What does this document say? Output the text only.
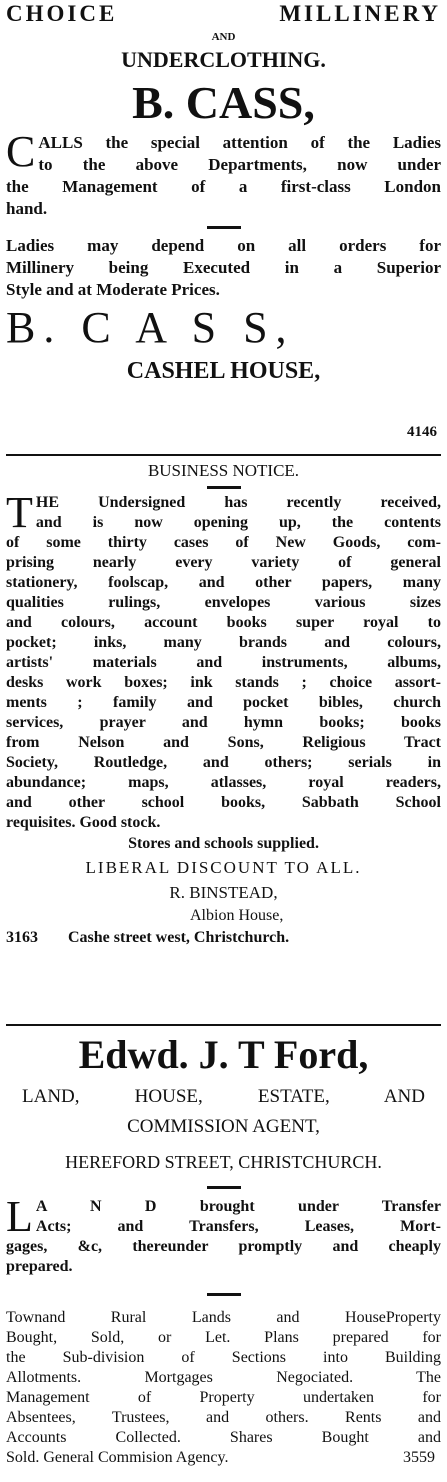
CHOICE MILLINERY

AND

UNDERCLOTHING.

B. CASS,

C ALLS the special attention of the Ladies

to the above Departments, now under

the Management of a first-class London

hand.

Ladies may depend on all orders for

Millinery being Executed in a Superior

Style and at Moderate Prices.

B. C A S S,

CASHEL HOUSE,

4146

BUSINESS NOTICE.

T HE Undersigned has recently received,

and is now opening up, the contents

of some thirty cases of New Goods, com-

prising nearly every variety of general

stationery, foolscap, and other papers, many

qualities rulings, envelopes various sizes

and colours, account books super royal to

pocket; inks, many brands and colours,

artists' materials and instruments, albums,

desks work boxes; ink stands ; choice assort-

ments ; family and pocket bibles, church

services, prayer and hymn books; books

from Nelson and Sons, Religious Tract

Society, Routledge, and others; serials in

abundance; maps, atlasses, royal readers,

and other school books, Sabbath School

requisites. Good stock.

Stores and schools supplied.

LIBERAL DISCOUNT TO ALL.

R. BINSTEAD,

Albion House,

3163 Cashe street west, Christchurch.

Edwd. J. T Ford,

LAND, HOUSE, ESTATE, AND

COMMISSION AGENT,

HEREFORD STREET, CHRISTCHURCH.

L A N D brought under Transfer

Acts; and Transfers, Leases, Mort-

gages, &c, thereunder promptly and cheaply

prepared.

Townand Rural Lands and HouseProperty

Bought, Sold, or Let. Plans prepared for

the Sub-division of Sections into Building

Allotments. Mortgages Negociated. The

Management of Property undertaken for

Absentees, Trustees, and others. Rents and

Accounts Collected. Shares Bought and

Sold. General Commision Agency.	3559
